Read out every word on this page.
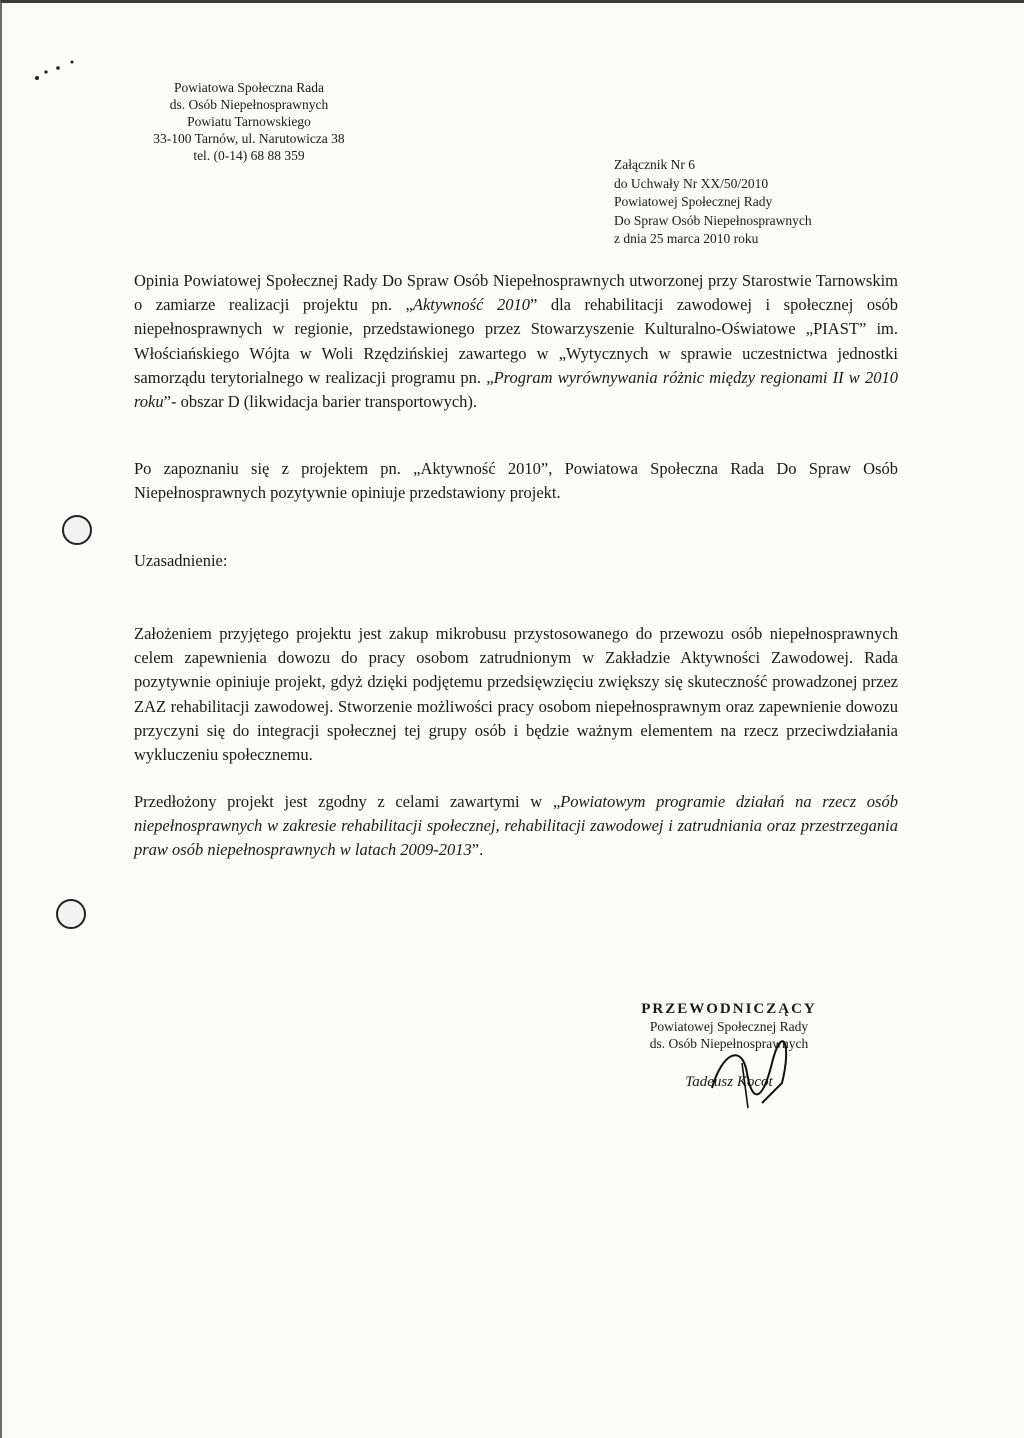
Powiatowa Społeczna Rada
ds. Osób Niepełnosprawnych
Powiatu Tarnowskiego
33-100 Tarnów, ul. Narutowicza 38
tel. (0-14) 68 88 359
Załącznik Nr 6
do Uchwały Nr XX/50/2010
Powiatowej Społecznej Rady
Do Spraw Osób Niepełnosprawnych
z dnia 25 marca 2010 roku
Opinia Powiatowej Społecznej Rady Do Spraw Osób Niepełnosprawnych utworzonej przy Starostwie Tarnowskim o zamiarze realizacji projektu pn. „Aktywność 2010” dla rehabilitacji zawodowej i społecznej osób niepełnosprawnych w regionie, przedstawionego przez Stowarzyszenie Kulturalno-Oświatowe „PIAST” im. Włościańskiego Wójta w Woli Rzędzińskiej zawartego w „Wytycznych w sprawie uczestnictwa jednostki samorządu terytorialnego w realizacji programu pn. „Program wyrównywania różnic między regionami II w 2010 roku”- obszar D (likwidacja barier transportowych).
Po zapoznaniu się z projektem pn. „Aktywność 2010”, Powiatowa Społeczna Rada Do Spraw Osób Niepełnosprawnych pozytywnie opiniuje przedstawiony projekt.
Uzasadnienie:
Założeniem przyjętego projektu jest zakup mikrobusu przystosowanego do przewozu osób niepełnosprawnych celem zapewnienia dowozu do pracy osobom zatrudnionym w Zakładzie Aktywności Zawodowej. Rada pozytywnie opiniuje projekt, gdyż dzięki podjętemu przedsięwzięciu zwiększy się skuteczność prowadzonej przez ZAZ rehabilitacji zawodowej. Stworzenie możliwości pracy osobom niepełnosprawnym oraz zapewnienie dowozu przyczyni się do integracji społecznej tej grupy osób i będzie ważnym elementem na rzecz przeciwdziałania wykluczeniu społecznemu.
Przedłożony projekt jest zgodny z celami zawartymi w „Powiatowym programie działań na rzecz osób niepełnosprawnych w zakresie rehabilitacji społecznej, rehabilitacji zawodowej i zatrudniania oraz przestrzegania praw osób niepełnosprawnych w latach 2009-2013”.
PRZEWODNICZĄCY
Powiatowej Społecznej Rady
ds. Osób Niepełnosprawnych
Tadeusz Kocot
